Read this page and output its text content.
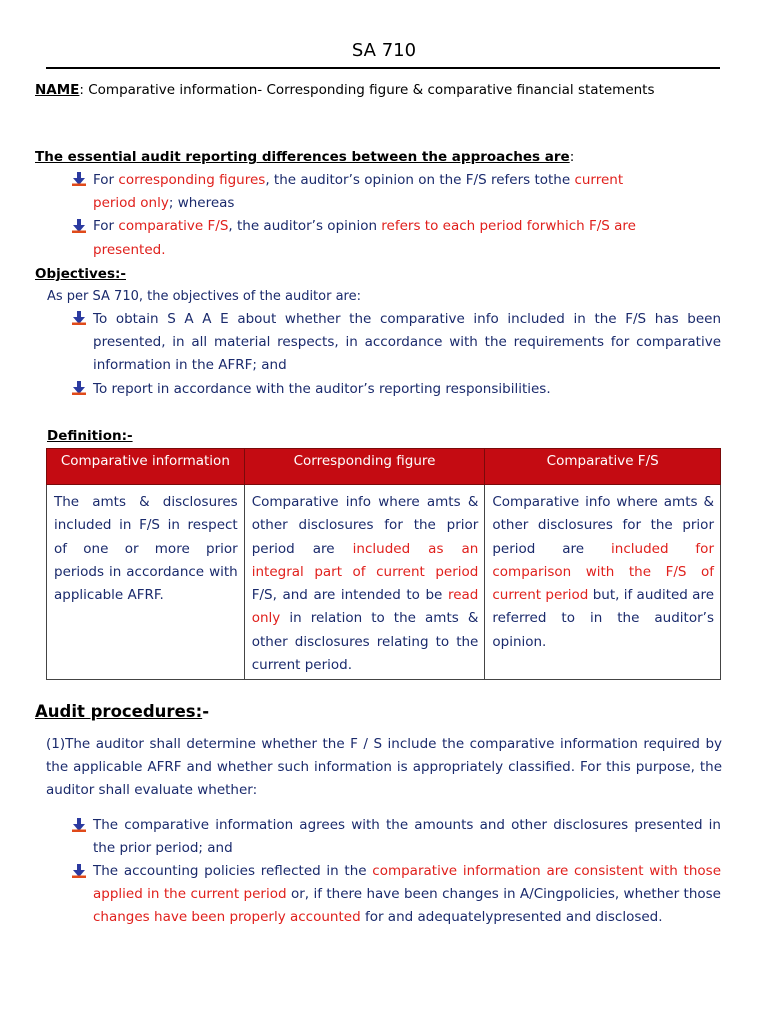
SA 710
NAME: Comparative information- Corresponding figure & comparative financial statements
The essential audit reporting differences between the approaches are:
For corresponding figures, the auditor’s opinion on the F/S refers tothe current
period only; whereas
For comparative F/S, the auditor’s opinion refers to each period forwhich F/S are
presented.
Objectives:-
As per SA 710, the objectives of the auditor are:
To obtain S A A E about whether the comparative info included in the F/S has been presented, in all material respects, in accordance with the requirements for comparative information in the AFRF; and
To report in accordance with the auditor’s reporting responsibilities.
Definition:-
Comparative information	Corresponding figure	Comparative F/S
The amts & disclosures included in F/S in respect of one or more prior periods in accordance with applicable AFRF.	Comparative info where amts & other disclosures for the prior period are included as an integral part of current period F/S, and are intended to be read only in relation to the amts & other disclosures relating to the current period.	Comparative info where amts & other disclosures for the prior period are included for comparison with the F/S of current period but, if audited are referred to in the auditor’s opinion.
Audit procedures:-
(1)The auditor shall determine whether the F / S include the comparative information required by the applicable AFRF and whether such information is appropriately classified. For this purpose, the auditor shall evaluate whether:
The comparative information agrees with the amounts and other disclosures presented in the prior period; and
The accounting policies reflected in the comparative information are consistent with those applied in the current period or, if there have been changes in A/Cingpolicies, whether those changes have been properly accounted for and adequatelypresented and disclosed.
